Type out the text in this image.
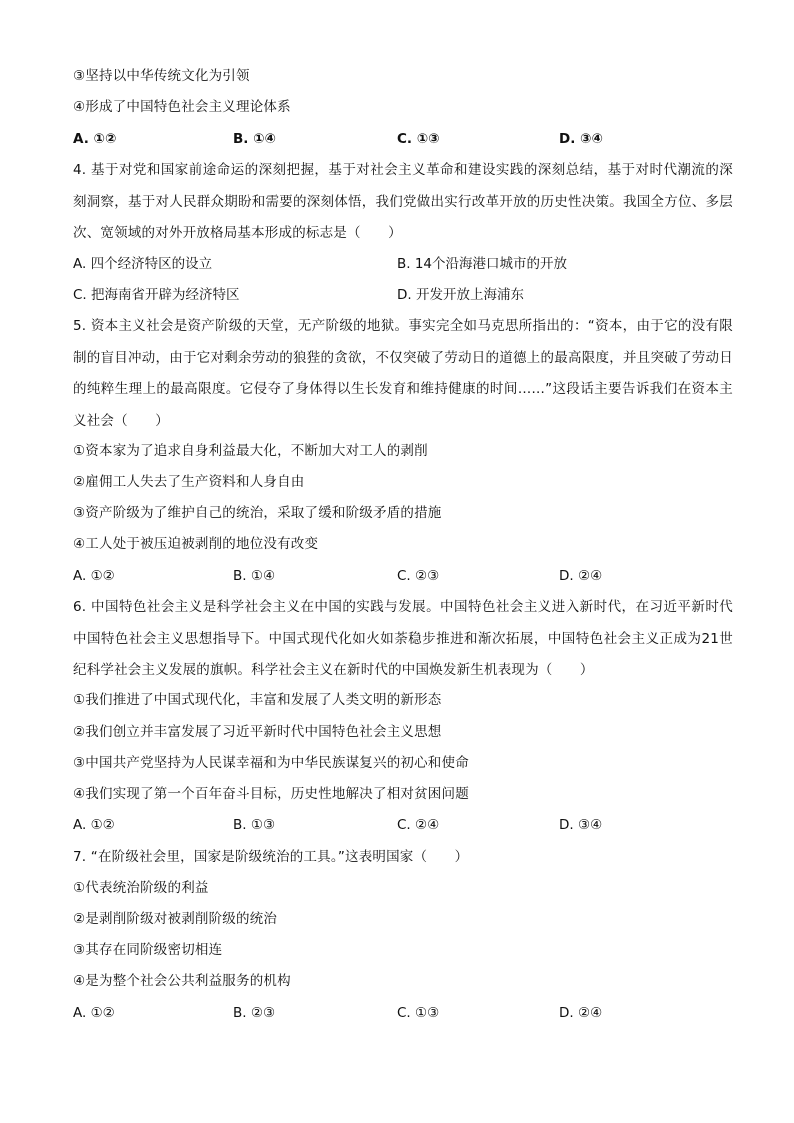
③坚持以中华传统文化为引领
④形成了中国特色社会主义理论体系
A. ①②	B. ①④	C. ①③	D. ③④
4. 基于对党和国家前途命运的深刻把握，基于对社会主义革命和建设实践的深刻总结，基于对时代潮流的深刻洞察，基于对人民群众期盼和需要的深刻体悟，我们党做出实行改革开放的历史性决策。我国全方位、多层次、宽领域的对外开放格局基本形成的标志是（　　）
A. 四个经济特区的设立	B. 14个沿海港口城市的开放
C. 把海南省开辟为经济特区	D. 开发开放上海浦东
5. 资本主义社会是资产阶级的天堂，无产阶级的地狱。事实完全如马克思所指出的：“资本，由于它的没有限制的盲目冲动，由于它对剩余劳动的狼狴的贪欲，不仅突破了劳动日的道德上的最高限度，并且突破了劳动日的纯粹生理上的最高限度。它侵夺了身体得以生长发育和维持健康的时间……”这段话主要告诉我们在资本主义社会（　　）
①资本家为了追求自身利益最大化，不断加大对工人的剥削
②雇佣工人失去了生产资料和人身自由
③资产阶级为了维护自己的统治，采取了缓和阶级矛盾的措施
④工人处于被压迫被剥削的地位没有改变
A. ①②	B. ①④	C. ②③	D. ②④
6. 中国特色社会主义是科学社会主义在中国的实践与发展。中国特色社会主义进入新时代，在习近平新时代中国特色社会主义思想指导下。中国式现代化如火如荼稳步推进和渐次拓展，中国特色社会主义正成为21世纪科学社会主义发展的旗帜。科学社会主义在新时代的中国焕发新生机表现为（　　）
①我们推进了中国式现代化，丰富和发展了人类文明的新形态
②我们创立并丰富发展了习近平新时代中国特色社会主义思想
③中国共产党坚持为人民谋幸福和为中华民族谋复兴的初心和使命
④我们实现了第一个百年奋斗目标，历史性地解决了相对贫困问题
A. ①②	B. ①③	C. ②④	D. ③④
7. “在阶级社会里，国家是阶级统治的工具。”这表明国家（　　）
①代表统治阶级的利益
②是剥削阶级对被剥削阶级的统治
③其存在同阶级密切相连
④是为整个社会公共利益服务的机构
A. ①②	B. ②③	C. ①③	D. ②④
